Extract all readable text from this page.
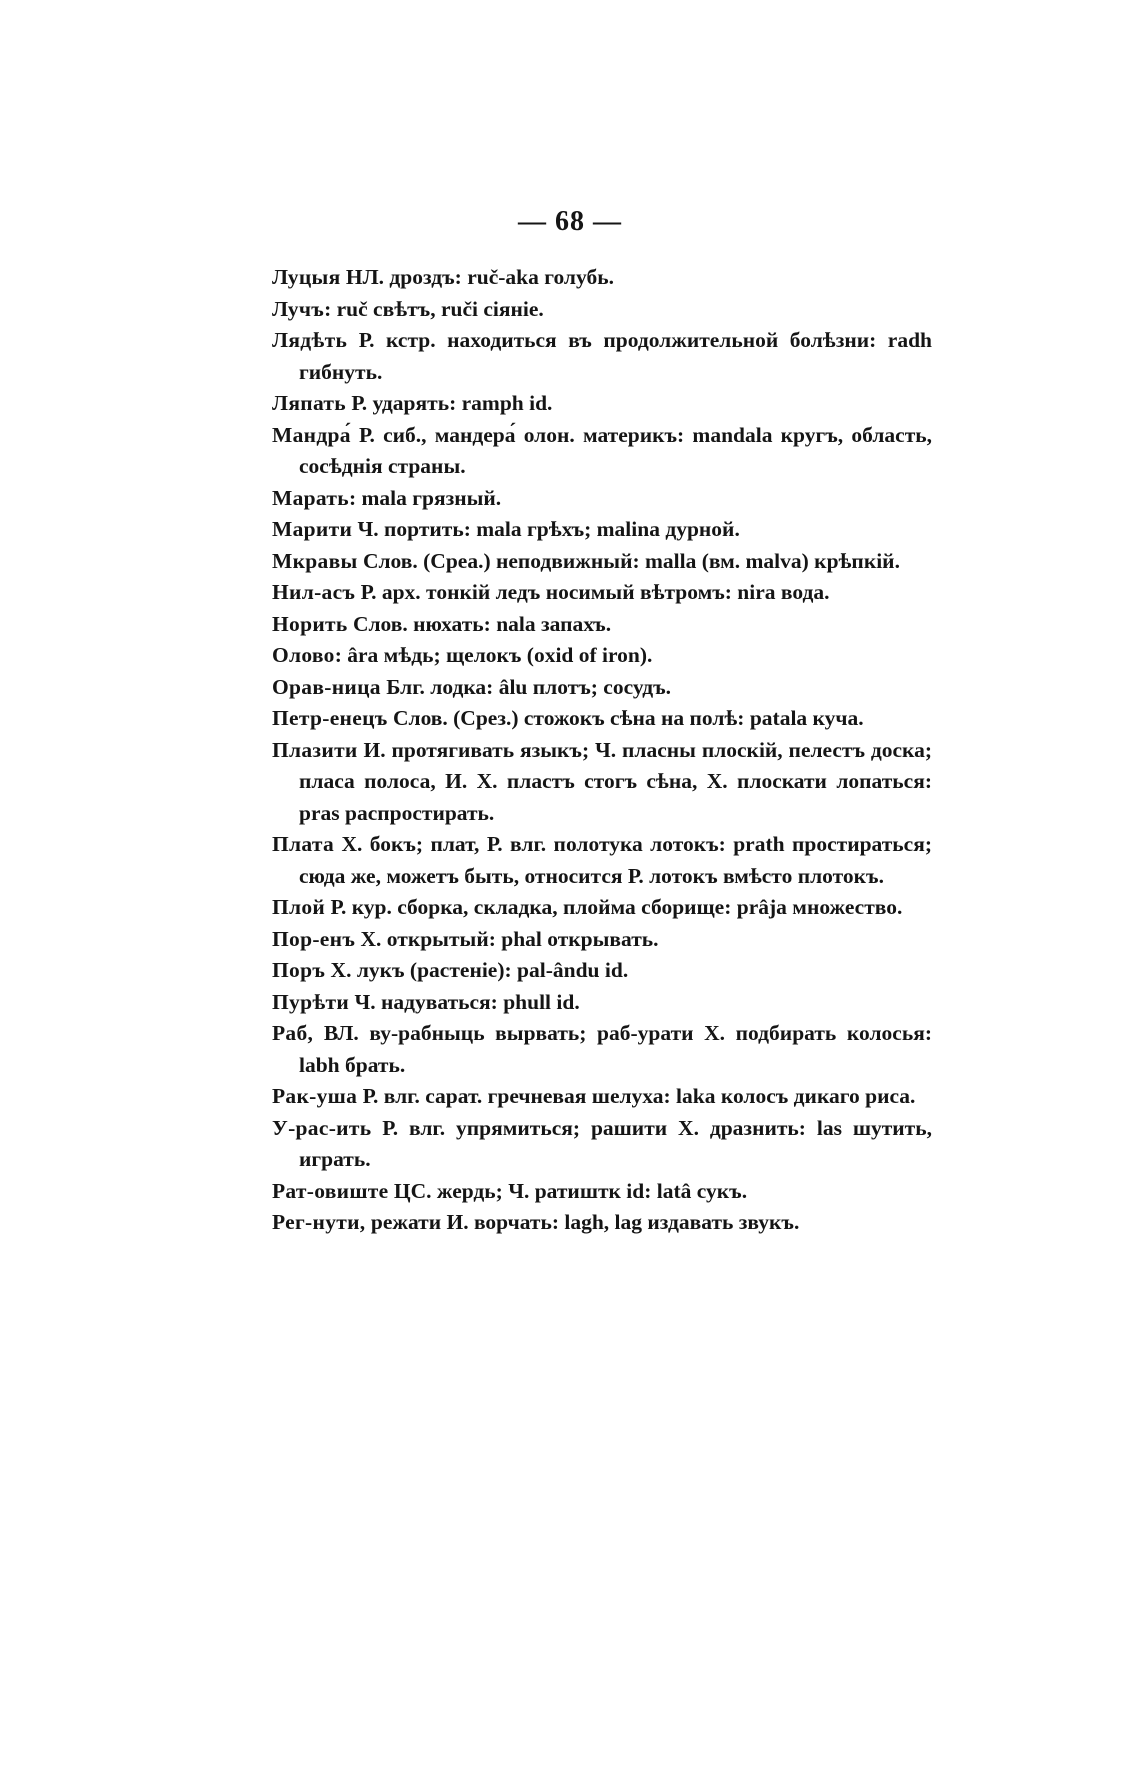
— 68 —

Луцыя НЛ. дроздъ: ruč-aka голубь.
Лучъ: ruč свѣтъ, ruči сіяніе.
Лядѣть Р. кстр. находиться въ продолжительной болѣзни: radh гибнуть.
Ляпать Р. ударять: ramph id.
Мандра́ Р. сиб., мандера́ олон. материкъ: mandala кругъ, область, сосѣднія страны.
Марать: mala грязный.
Марити Ч. портить: mala грѣхъ; malina дурной.
Мкравы Слов. (Среа.) неподвижный: malla (вм. malva) крѣпкій.
Нил-асъ Р. арх. тонкій ледъ носимый вѣтромъ: nira вода.
Норить Слов. нюхать: nala запахъ.
Олово: âra мѣдь; щелокъ (oxid of iron).
Орав-ница Блг. лодка: âlu плотъ; сосудъ.
Петр-енецъ Слов. (Срез.) стожокъ сѣна на полѣ: patala куча.
Плазити И. протягивать языкъ; Ч. пласны плоскій, пелестъ доска; пласа полоса, И. Х. пластъ стогъ сѣна, Х. плоскати лопаться: pras распростирать.
Плата Х. бокъ; плат, Р. влг. полотука лотокъ: prath простираться; сюда же, можетъ быть, относится Р. лотокъ вмѣсто плотокъ.
Плой Р. кур. сборка, складка, плойма сборище: prâja множество.
Пор-енъ Х. открытый: phal открывать.
Поръ Х. лукъ (растеніе): pal-ându id.
Пурѣти Ч. надуваться: phull id.
Раб, ВЛ. ву-рабныць вырвать; раб-урати Х. подбирать колосья: labh брать.
Рак-уша Р. влг. сарат. гречневая шелуха: laka колосъ дикаго риса.
У-рас-ить Р. влг. упрямиться; рашити Х. дразнить: las шутить, играть.
Рат-овиште ЦС. жердь; Ч. ратиштк id: latâ сукъ.
Рег-нути, режати И. ворчать: lagh, lag издавать звукъ.
